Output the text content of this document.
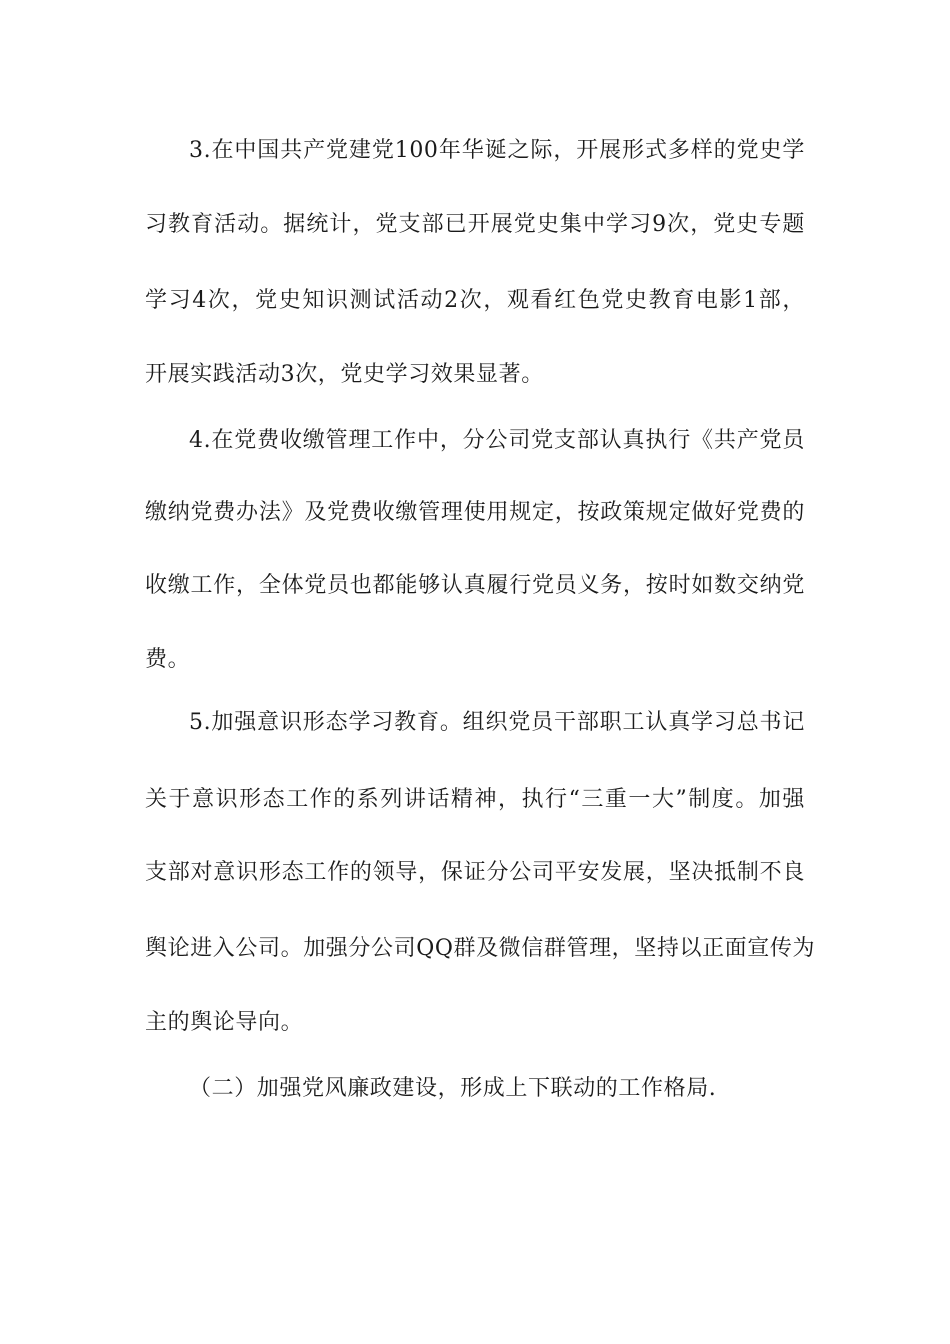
3.在中国共产党建党100年华诞之际，开展形式多样的党史学
习教育活动。据统计，党支部已开展党史集中学习9次，党史专题
学习4次，党史知识测试活动2次，观看红色党史教育电影1部，
开展实践活动3次，党史学习效果显著。
4.在党费收缴管理工作中，分公司党支部认真执行《共产党员
缴纳党费办法》及党费收缴管理使用规定，按政策规定做好党费的
收缴工作，全体党员也都能够认真履行党员义务，按时如数交纳党
费。
5.加强意识形态学习教育。组织党员干部职工认真学习总书记
关于意识形态工作的系列讲话精神，执行“三重一大”制度。加强
支部对意识形态工作的领导，保证分公司平安发展，坚决抵制不良
舆论进入公司。加强分公司QQ群及微信群管理，坚持以正面宣传为
主的舆论导向。
（二）加强党风廉政建设，形成上下联动的工作格局.
